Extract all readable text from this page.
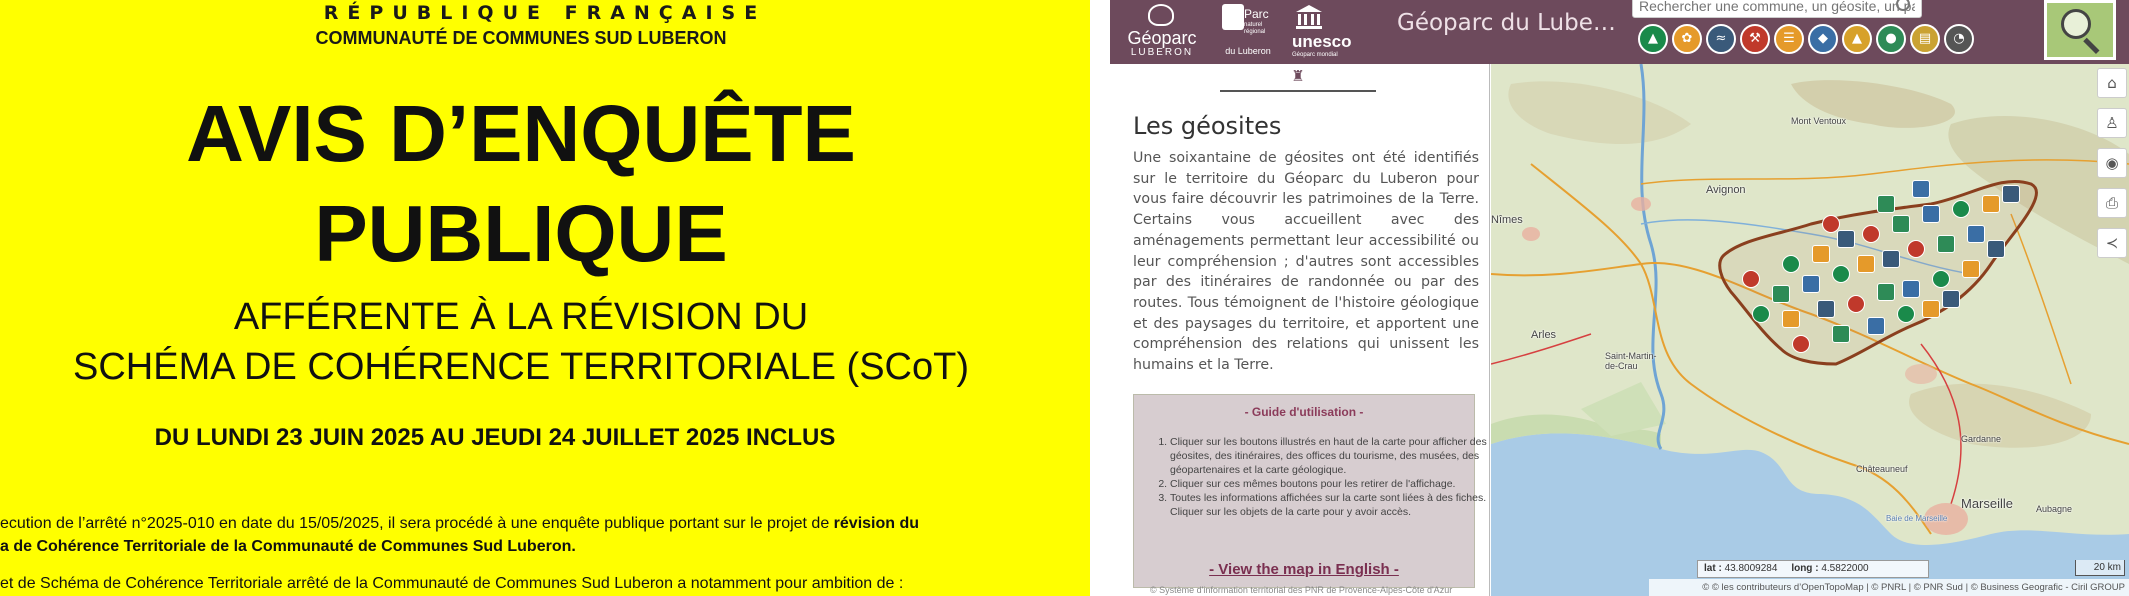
RÉPUBLIQUE FRANÇAISE
COMMUNAUTÉ DE COMMUNES SUD LUBERON
AVIS D’ENQUÊTE
PUBLIQUE
AFFÉRENTE À LA RÉVISION DU
SCHÉMA DE COHÉRENCE TERRITORIALE (SCoT)
DU LUNDI 23 JUIN 2025 AU JEUDI 24 JUILLET 2025 INCLUS
ecution de l’arrêté n°2025-010 en date du 15/05/2025, il sera procédé à une enquête publique portant sur le projet de révision du
a de Cohérence Territoriale de la Communauté de Communes Sud Luberon.
et de Schéma de Cohérence Territoriale arrêté de la Communauté de Communes Sud Luberon a notamment pour ambition de :
Géoparc
LUBERON
Parc
naturel régional
du Luberon	unesco
Géoparc mondial
Géoparc du Lube…
Rechercher une commune, un géosite, un pa
▲	✿	≈	⚒	☰	◆	▲	●	▤	◔
♜
Les géosites
Une soixantaine de géosites ont été identifiés sur le territoire du Géoparc du Luberon pour vous faire découvrir les patrimoines de la Terre. Certains vous accueillent avec des aménagements permettant leur accessibilité ou leur compréhension ; d'autres sont accessibles par des itinéraires de randonnée ou par des routes. Tous témoignent de l'histoire géologique et des paysages du territoire, et apportent une compréhension des relations qui unissent les humains et la Terre.
- Guide d'utilisation -
1. Cliquer sur les boutons illustrés en haut de la carte pour afficher des géosites, des itinéraires, des offices du tourisme, des musées, des géopartenaires et la carte géologique.
2. Cliquer sur ces mêmes boutons pour les retirer de l'affichage.
3. Toutes les informations affichées sur la carte sont liées à des fiches. Cliquer sur les objets de la carte pour y avoir accès.
- View the map in English -
© Système d'information territorial des PNR de Provence-Alpes-Côte d'Azur
Avignon
Nîmes
Arles
Saint-Martin-de-Crau
Marseille
Mont Ventoux
Châteauneuf
Gardanne
Aubagne
Baie de Marseille
⌂
♙
◉
⎙
≺
lat : 43.8009284 long : 4.5822000	20 km
© © les contributeurs d’OpenTopoMap | © PNRL | © PNR Sud | © Business Geografic - Ciril GROUP
